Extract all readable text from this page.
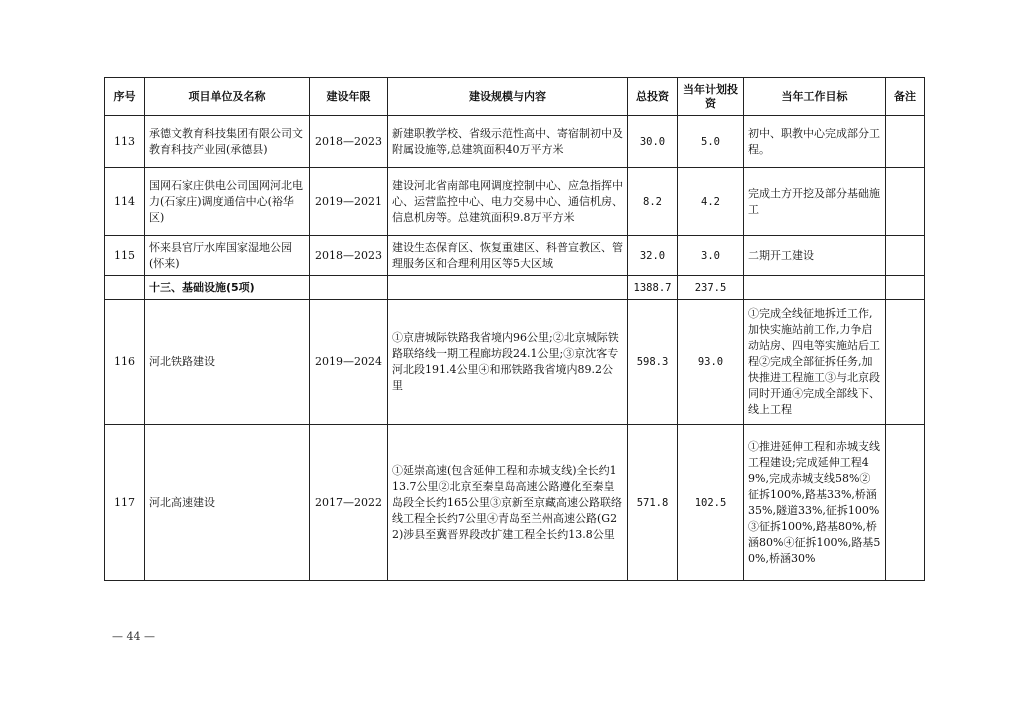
序号	项目单位及名称	建设年限	建设规模与内容	总投资	当年计划投资	当年工作目标	备注
113	承德文教育科技集团有限公司文教育科技产业园(承德县)	2018—2023	新建职教学校、省级示范性高中、寄宿制初中及附属设施等,总建筑面积40万平方米	30.0	5.0	初中、职教中心完成部分工程。	
114	国网石家庄供电公司国网河北电力(石家庄)调度通信中心(裕华区)	2019—2021	建设河北省南部电网调度控制中心、应急指挥中心、运营监控中心、电力交易中心、通信机房、信息机房等。总建筑面积9.8万平方米	8.2	4.2	完成土方开挖及部分基础施工	
115	怀来县官厅水库国家湿地公园(怀来)	2018—2023	建设生态保育区、恢复重建区、科普宣教区、管理服务区和合理利用区等5大区域	32.0	3.0	二期开工建设	
	十三、基础设施(5项)			1388.7	237.5		
116	河北铁路建设	2019—2024	①京唐城际铁路我省境内96公里;②北京城际铁路联络线一期工程廊坊段24.1公里;③京沈客专河北段191.4公里④和邢铁路我省境内89.2公里	598.3	93.0	①完成全线征地拆迁工作,加快实施站前工作,力争启动站房、四电等实施站后工程②完成全部征拆任务,加快推进工程施工③与北京段同时开通④完成全部线下、线上工程	
117	河北高速建设	2017—2022	①延崇高速(包含延伸工程和赤城支线)全长约113.7公里②北京至秦皇岛高速公路遵化至秦皇岛段全长约165公里③京新至京藏高速公路联络线工程全长约7公里④青岛至兰州高速公路(G22)涉县至冀晋界段改扩建工程全长约13.8公里	571.8	102.5	①推进延伸工程和赤城支线工程建设;完成延伸工程49%,完成赤城支线58%②征拆100%,路基33%,桥涵35%,隧道33%,征拆100%③征拆100%,路基80%,桥涵80%④征拆100%,路基50%,桥涵30%	
— 44 —
